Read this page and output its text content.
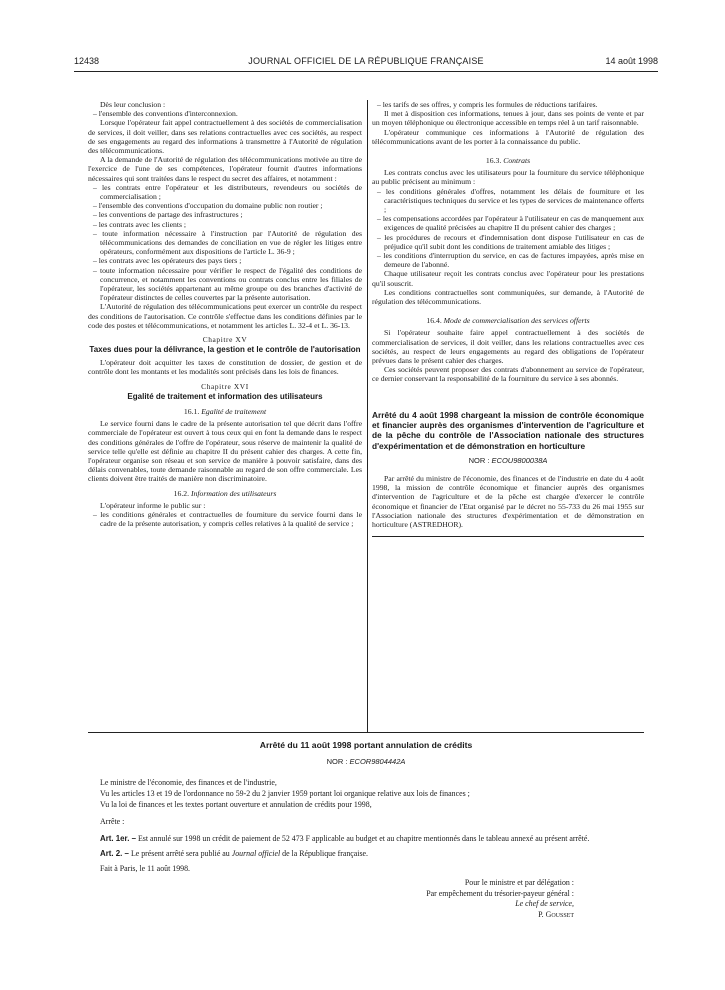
12438	JOURNAL OFFICIEL DE LA RÉPUBLIQUE FRANÇAISE	14 août 1998

Dès leur conclusion :

– l'ensemble des conventions d'interconnexion.

Lorsque l'opérateur fait appel contractuellement à des sociétés de commercialisation de services, il doit veiller, dans ses relations contractuelles avec ces sociétés, au respect de ses engagements au regard des informations à transmettre à l'Autorité de régulation des télécommunications.

A la demande de l'Autorité de régulation des télécommunications motivée au titre de l'exercice de l'une de ses compétences, l'opérateur fournit d'autres informations nécessaires qui sont traitées dans le respect du secret des affaires, et notamment :

– les contrats entre l'opérateur et les distributeurs, revendeurs ou sociétés de commercialisation ;
– l'ensemble des conventions d'occupation du domaine public non routier ;
– les conventions de partage des infrastructures ;
– les contrats avec les clients ;
– toute information nécessaire à l'instruction par l'Autorité de régulation des télécommunications des demandes de conciliation en vue de régler les litiges entre opérateurs, conformément aux dispositions de l'article L. 36-9 ;
– les contrats avec les opérateurs des pays tiers ;
– toute information nécessaire pour vérifier le respect de l'égalité des conditions de concurrence, et notamment les conventions ou contrats conclus entre les filiales de l'opérateur, les sociétés appartenant au même groupe ou des branches d'activité de l'opérateur distinctes de celles couvertes par la présente autorisation.

L'Autorité de régulation des télécommunications peut exercer un contrôle du respect des conditions de l'autorisation. Ce contrôle s'effectue dans les conditions définies par le code des postes et télécommunications, et notamment les articles L. 32-4 et L. 36-13.

Chapitre XV
Taxes dues pour la délivrance, la gestion et le contrôle de l'autorisation

L'opérateur doit acquitter les taxes de constitution de dossier, de gestion et de contrôle dont les montants et les modalités sont précisés dans les lois de finances.

Chapitre XVI
Egalité de traitement et information des utilisateurs
16.1. Egalité de traitement

Le service fourni dans le cadre de la présente autorisation tel que décrit dans l'offre commerciale de l'opérateur est ouvert à tous ceux qui en font la demande dans le respect des conditions générales de l'offre de l'opérateur, sous réserve de maintenir la qualité de service telle qu'elle est définie au chapitre II du présent cahier des charges. A cette fin, l'opérateur organise son réseau et son service de manière à pouvoir satisfaire, dans des délais convenables, toute demande raisonnable au regard de son offre commerciale. Les clients doivent être traités de manière non discriminatoire.

16.2. Information des utilisateurs

L'opérateur informe le public sur :

– les conditions générales et contractuelles de fourniture du service fourni dans le cadre de la présente autorisation, y compris celles relatives à la qualité de service ;
– les tarifs de ses offres, y compris les formules de réductions tarifaires.

Il met à disposition ces informations, tenues à jour, dans ses points de vente et par un moyen téléphonique ou électronique accessible en temps réel à un tarif raisonnable.

L'opérateur communique ces informations à l'Autorité de régulation des télécommunications avant de les porter à la connaissance du public.

16.3. Contrats

Les contrats conclus avec les utilisateurs pour la fourniture du service téléphonique au public précisent au minimum :

– les conditions générales d'offres, notamment les délais de fourniture et les caractéristiques techniques du service et les types de services de maintenance offerts ;
– les compensations accordées par l'opérateur à l'utilisateur en cas de manquement aux exigences de qualité précisées au chapitre II du présent cahier des charges ;
– les procédures de recours et d'indemnisation dont dispose l'utilisateur en cas de préjudice qu'il subit dont les conditions de traitement amiable des litiges ;
– les conditions d'interruption du service, en cas de factures impayées, après mise en demeure de l'abonné.

Chaque utilisateur reçoit les contrats conclus avec l'opérateur pour les prestations qu'il souscrit.

Les conditions contractuelles sont communiquées, sur demande, à l'Autorité de régulation des télécommunications.

16.4. Mode de commercialisation des services offerts

Si l'opérateur souhaite faire appel contractuellement à des sociétés de commercialisation de services, il doit veiller, dans les relations contractuelles avec ces sociétés, au respect de leurs engagements au regard des obligations de l'opérateur prévues dans le présent cahier des charges.

Ces sociétés peuvent proposer des contrats d'abonnement au service de l'opérateur, ce dernier conservant la responsabilité de la fourniture du service à ses abonnés.

Arrêté du 4 août 1998 chargeant la mission de contrôle économique et financier auprès des organismes d'intervention de l'agriculture et de la pêche du contrôle de l'Association nationale des structures d'expérimentation et de démonstration en horticulture
NOR : ECOU9800038A

Par arrêté du ministre de l'économie, des finances et de l'industrie en date du 4 août 1998, la mission de contrôle économique et financier auprès des organismes d'intervention de l'agriculture et de la pêche est chargée d'exercer le contrôle économique et financier de l'Etat organisé par le décret no 55-733 du 26 mai 1955 sur l'Association nationale des structures d'expérimentation et de démonstration en horticulture (ASTREDHOR).

Arrêté du 11 août 1998 portant annulation de crédits
NOR : ECOR9804442A

Le ministre de l'économie, des finances et de l'industrie,

Vu les articles 13 et 19 de l'ordonnance no 59-2 du 2 janvier 1959 portant loi organique relative aux lois de finances ;

Vu la loi de finances et les textes portant ouverture et annulation de crédits pour 1998,

Arrête :

Art. 1er. – Est annulé sur 1998 un crédit de paiement de 52 473 F applicable au budget et au chapitre mentionnés dans le tableau annexé au présent arrêté.

Art. 2. – Le présent arrêté sera publié au Journal officiel de la République française.

Fait à Paris, le 11 août 1998.

Pour le ministre et par délégation :
Par empêchement du trésorier-payeur général :
Le chef de service,
P. Gousset
